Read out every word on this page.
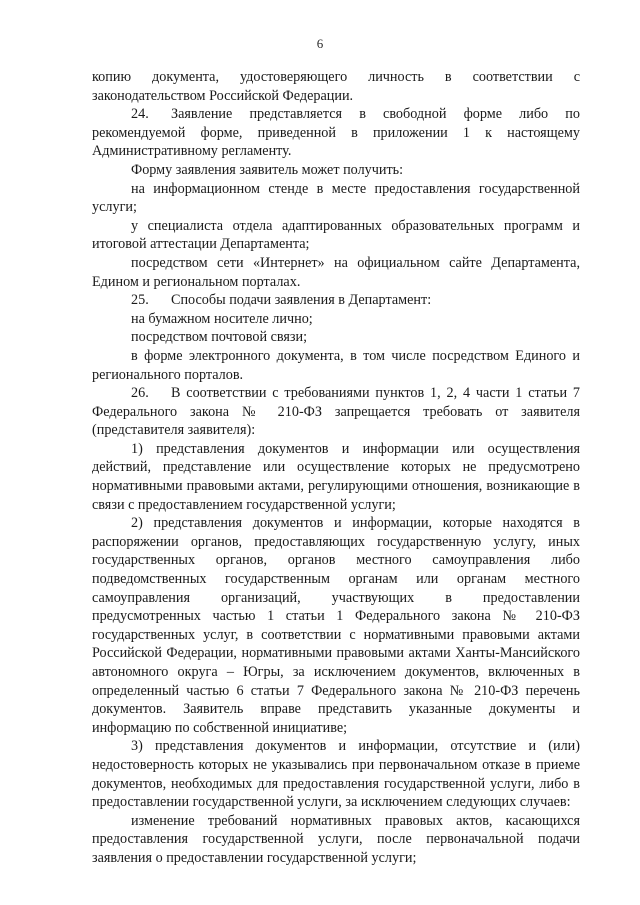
6

копию документа, удостоверяющего личность в соответствии с законодательством Российской Федерации.

24. Заявление представляется в свободной форме либо по рекомендуемой форме, приведенной в приложении 1 к настоящему Административному регламенту.

Форму заявления заявитель может получить:

на информационном стенде в месте предоставления государственной услуги;

у специалиста отдела адаптированных образовательных программ и итоговой аттестации Департамента;

посредством сети «Интернет» на официальном сайте Департамента, Едином и региональном порталах.

25. Способы подачи заявления в Департамент:

на бумажном носителе лично;

посредством почтовой связи;

в форме электронного документа, в том числе посредством Единого и регионального порталов.

26. В соответствии с требованиями пунктов 1, 2, 4 части 1 статьи 7 Федерального закона № 210-ФЗ запрещается требовать от заявителя (представителя заявителя):

1) представления документов и информации или осуществления действий, представление или осуществление которых не предусмотрено нормативными правовыми актами, регулирующими отношения, возникающие в связи с предоставлением государственной услуги;

2) представления документов и информации, которые находятся в распоряжении органов, предоставляющих государственную услугу, иных государственных органов, органов местного самоуправления либо подведомственных государственным органам или органам местного самоуправления организаций, участвующих в предоставлении предусмотренных частью 1 статьи 1 Федерального закона № 210-ФЗ государственных услуг, в соответствии с нормативными правовыми актами Российской Федерации, нормативными правовыми актами Ханты-Мансийского автономного округа – Югры, за исключением документов, включенных в определенный частью 6 статьи 7 Федерального закона № 210-ФЗ перечень документов. Заявитель вправе представить указанные документы и информацию по собственной инициативе;

3) представления документов и информации, отсутствие и (или) недостоверность которых не указывались при первоначальном отказе в приеме документов, необходимых для предоставления государственной услуги, либо в предоставлении государственной услуги, за исключением следующих случаев:

изменение требований нормативных правовых актов, касающихся предоставления государственной услуги, после первоначальной подачи заявления о предоставлении государственной услуги;
